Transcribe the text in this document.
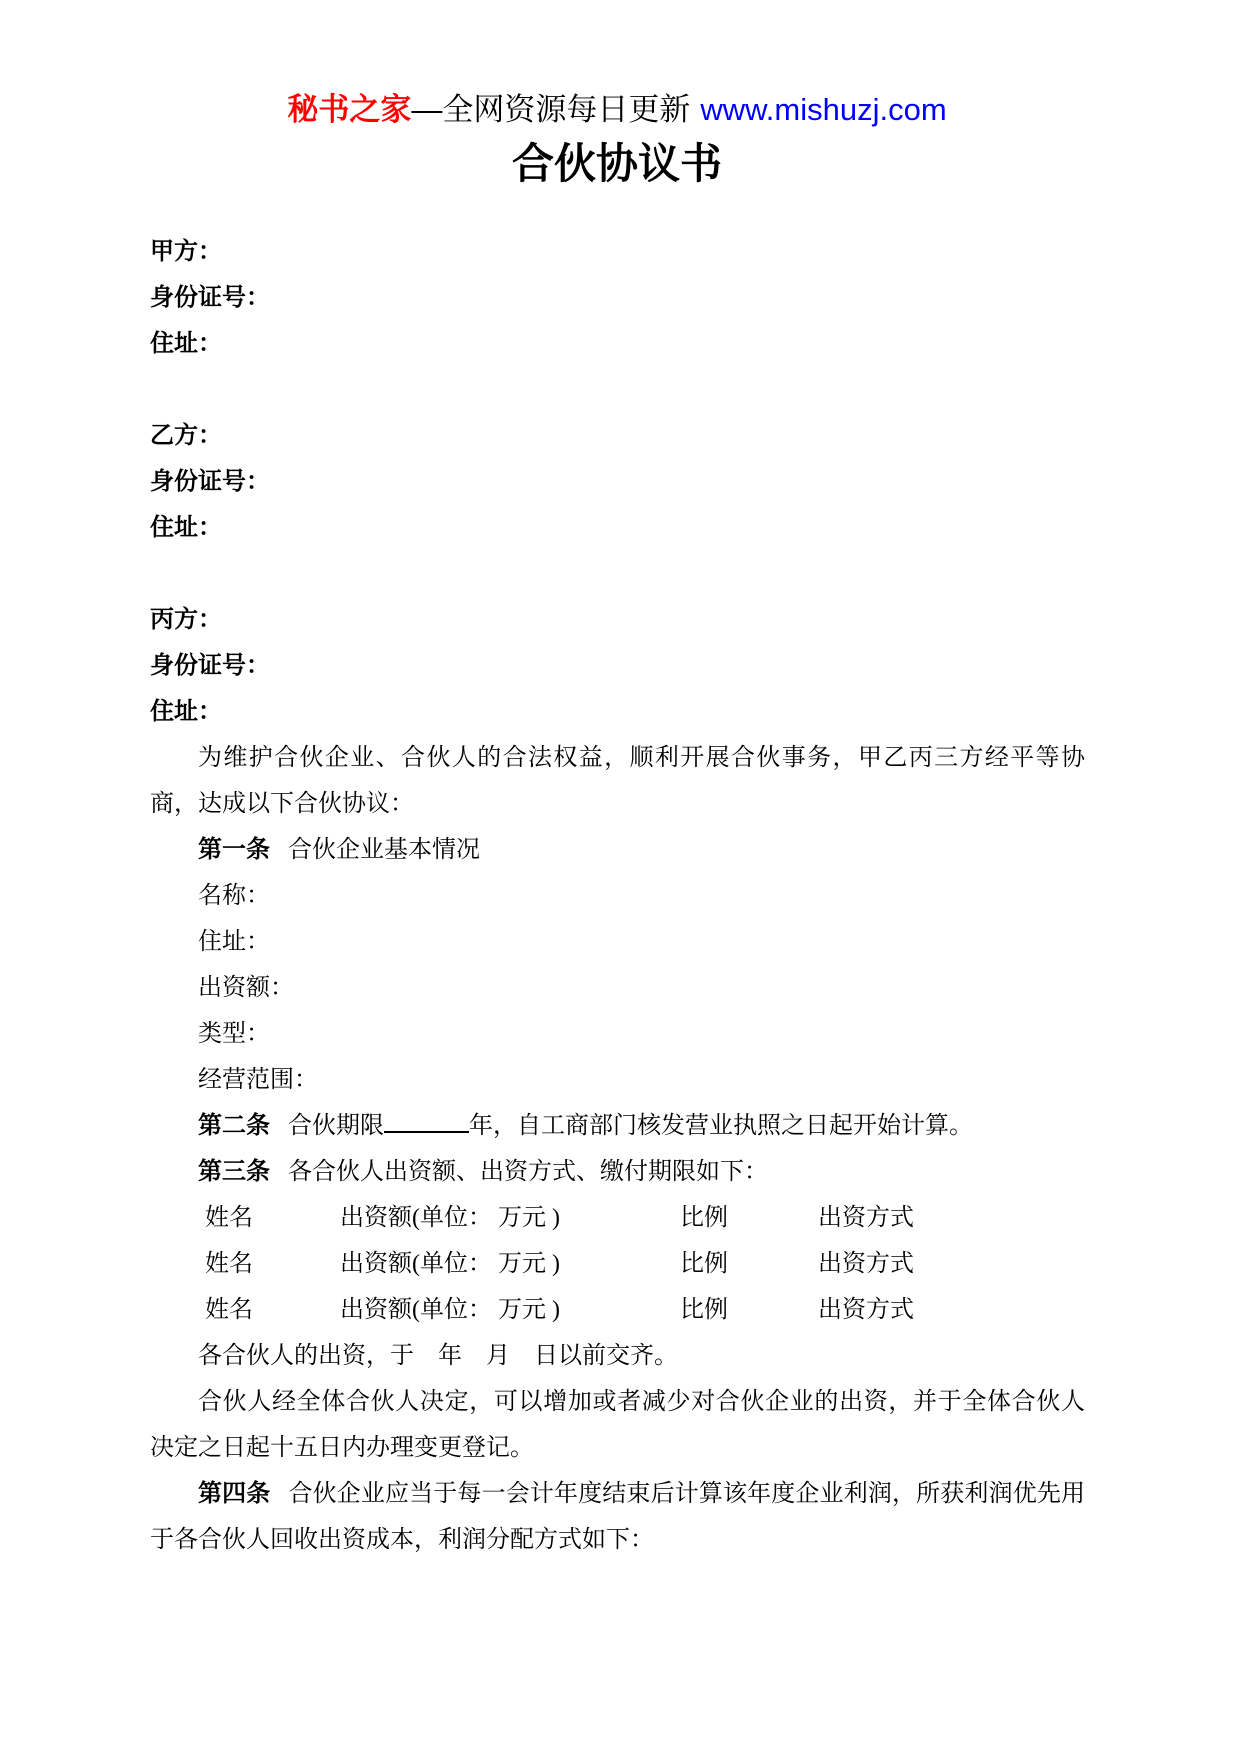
秘书之家—全网资源每日更新 www.mishuzj.com
合伙协议书
甲方：
身份证号：
住址：
乙方：
身份证号：
住址：
丙方：
身份证号：
住址：
为维护合伙企业、合伙人的合法权益，顺利开展合伙事务，甲乙丙三方经平等协商，达成以下合伙协议：
第一条 合伙企业基本情况
名称：
住址：
出资额：
类型：
经营范围：
第二条 合伙期限	年，自工商部门核发营业执照之日起开始计算。
第三条 各合伙人出资额、出资方式、缴付期限如下：
姓名	出资额(单位： 万元 )	比例	出资方式
姓名	出资额(单位： 万元 )	比例	出资方式
姓名	出资额(单位： 万元 )	比例	出资方式
各合伙人的出资，于　年　月　日以前交齐。
合伙人经全体合伙人决定，可以增加或者减少对合伙企业的出资，并于全体合伙人决定之日起十五日内办理变更登记。
第四条 合伙企业应当于每一会计年度结束后计算该年度企业利润，所获利润优先用于各合伙人回收出资成本，利润分配方式如下：
